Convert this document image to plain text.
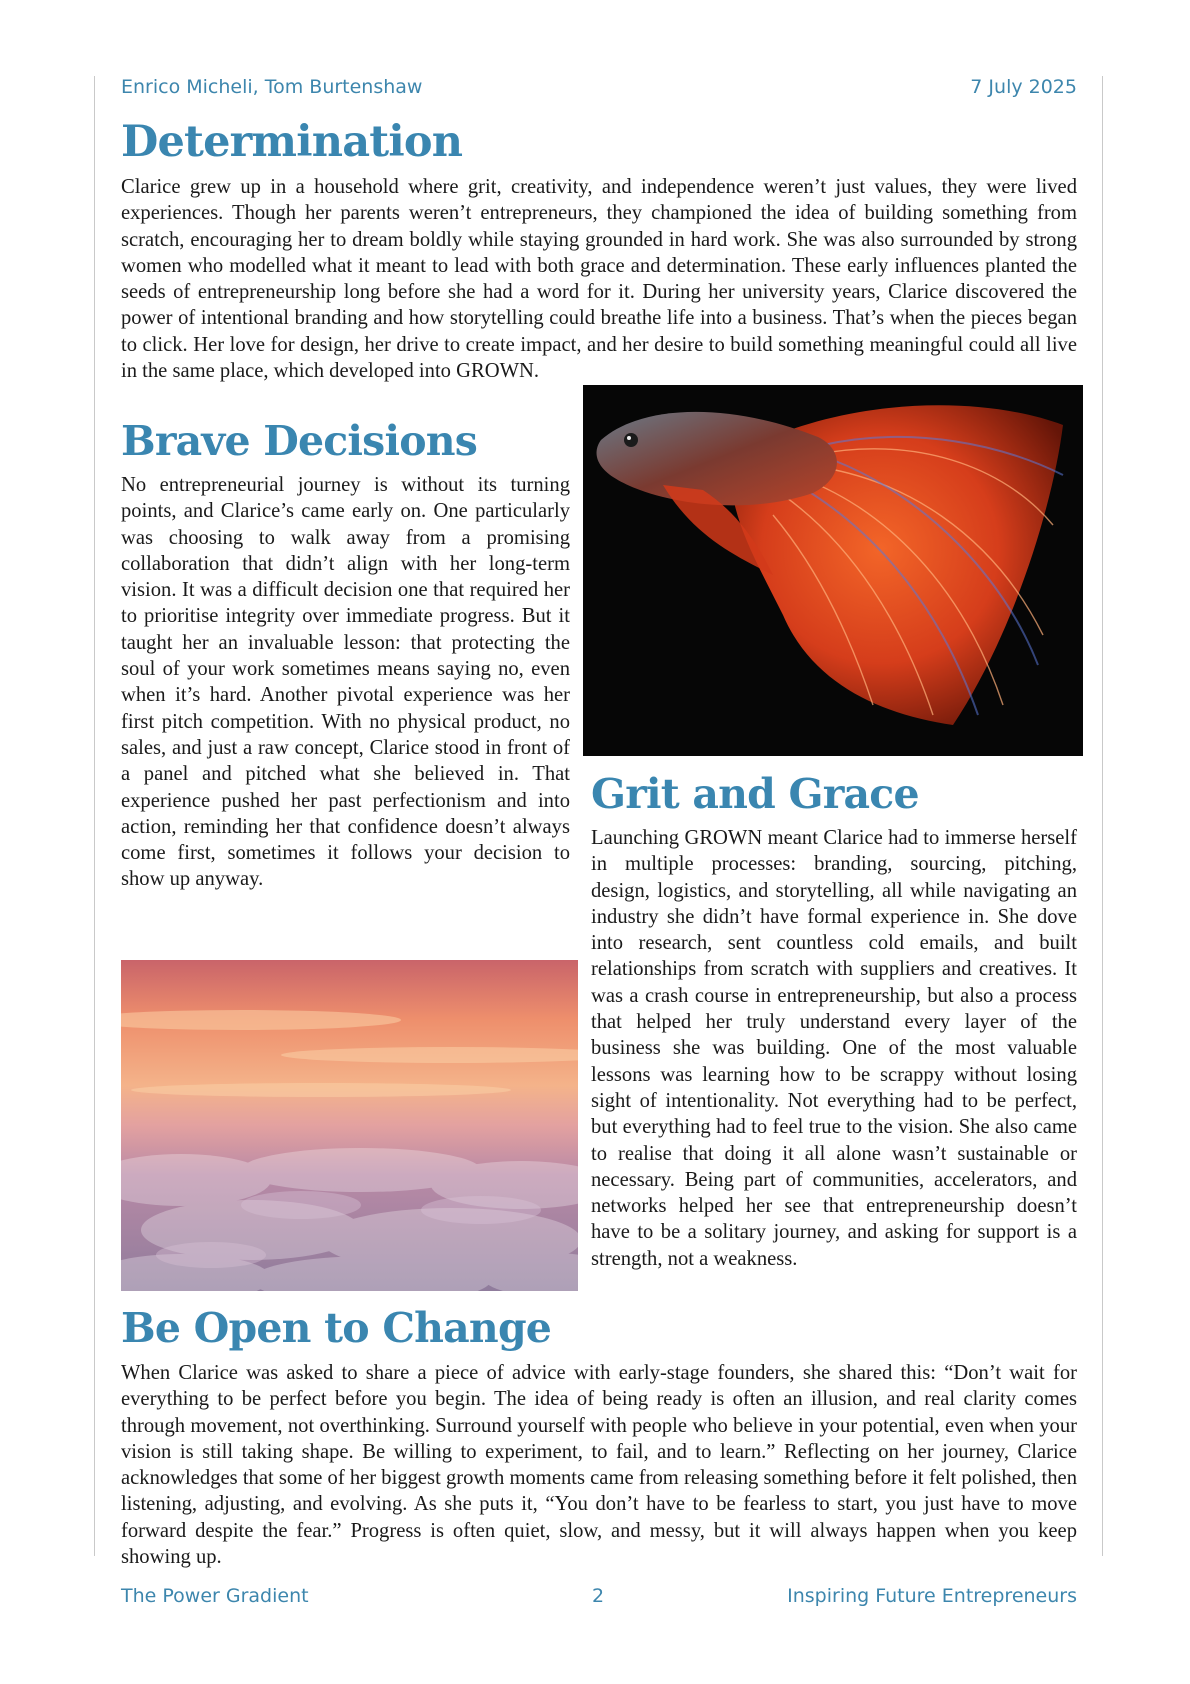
Enrico Micheli, Tom Burtenshaw	7 July 2025
Determination
Clarice grew up in a household where grit, creativity, and independence weren’t just values, they were lived experiences. Though her parents weren’t entrepreneurs, they championed the idea of building something from scratch, encouraging her to dream boldly while staying grounded in hard work. She was also surrounded by strong women who modelled what it meant to lead with both grace and determination. These early influences planted the seeds of entrepreneurship long before she had a word for it. During her university years, Clarice discovered the power of intentional branding and how storytelling could breathe life into a business. That’s when the pieces began to click. Her love for design, her drive to create impact, and her desire to build something meaningful could all live in the same place, which developed into GROWN.
Brave Decisions
No entrepreneurial journey is without its turning points, and Clarice’s came early on. One particularly was choosing to walk away from a promising collaboration that didn’t align with her long-term vision. It was a difficult decision one that required her to prioritise integrity over immediate progress. But it taught her an invaluable lesson: that protecting the soul of your work sometimes means saying no, even when it’s hard. Another pivotal experience was her first pitch competition. With no physical product, no sales, and just a raw concept, Clarice stood in front of a panel and pitched what she believed in. That experience pushed her past perfectionism and into action, reminding her that confidence doesn’t always come first, sometimes it follows your decision to show up anyway.
Grit and Grace
Launching GROWN meant Clarice had to immerse herself in multiple processes: branding, sourcing, pitching, design, logistics, and storytelling, all while navigating an industry she didn’t have formal experience in. She dove into research, sent countless cold emails, and built relationships from scratch with suppliers and creatives. It was a crash course in entrepreneurship, but also a process that helped her truly understand every layer of the business she was building. One of the most valuable lessons was learning how to be scrappy without losing sight of intentionality. Not everything had to be perfect, but everything had to feel true to the vision. She also came to realise that doing it all alone wasn’t sustainable or necessary. Being part of communities, accelerators, and networks helped her see that entrepreneurship doesn’t have to be a solitary journey, and asking for support is a strength, not a weakness.
Be Open to Change
When Clarice was asked to share a piece of advice with early-stage founders, she shared this: “Don’t wait for everything to be perfect before you begin. The idea of being ready is often an illusion, and real clarity comes through movement, not overthinking. Surround yourself with people who believe in your potential, even when your vision is still taking shape. Be willing to experiment, to fail, and to learn.” Reflecting on her journey, Clarice acknowledges that some of her biggest growth moments came from releasing something before it felt polished, then listening, adjusting, and evolving. As she puts it, “You don’t have to be fearless to start, you just have to move forward despite the fear.” Progress is often quiet, slow, and messy, but it will always happen when you keep showing up.
The Power Gradient	2	Inspiring Future Entrepreneurs
